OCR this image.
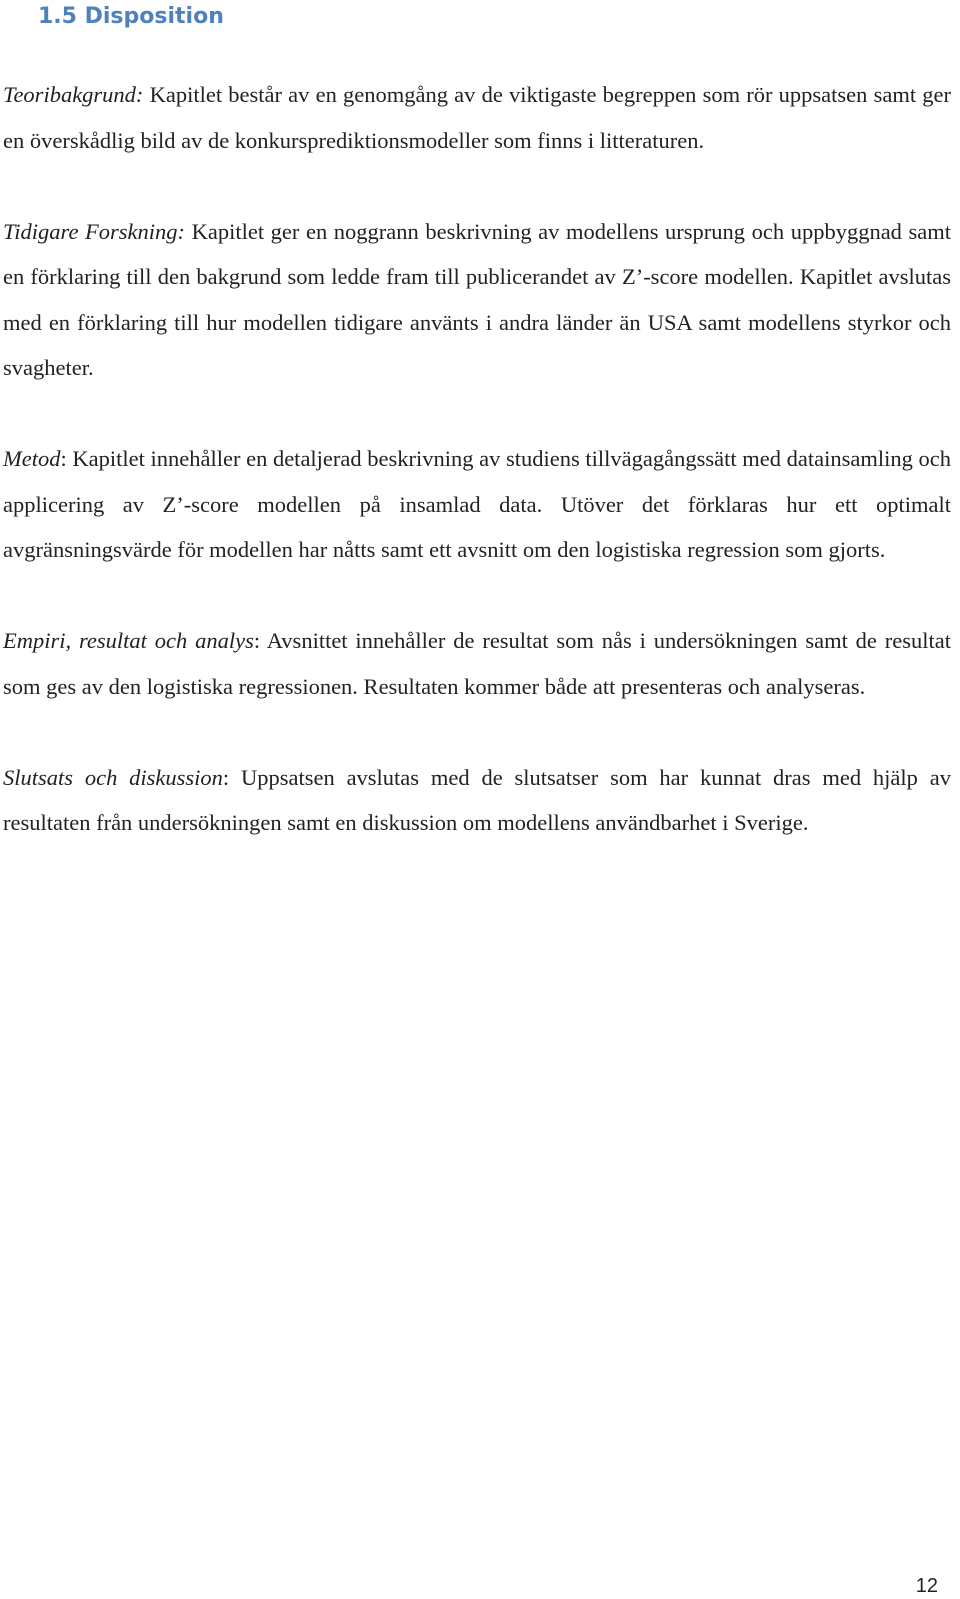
1.5 Disposition

Teoribakgrund: Kapitlet består av en genomgång av de viktigaste begreppen som rör uppsatsen samt ger en överskådlig bild av de konkursprediktionsmodeller som finns i litteraturen.

Tidigare Forskning: Kapitlet ger en noggrann beskrivning av modellens ursprung och uppbyggnad samt en förklaring till den bakgrund som ledde fram till publicerandet av Z’-score modellen. Kapitlet avslutas med en förklaring till hur modellen tidigare använts i andra länder än USA samt modellens styrkor och svagheter.

Metod: Kapitlet innehåller en detaljerad beskrivning av studiens tillvägagångssätt med datainsamling och applicering av Z’-score modellen på insamlad data. Utöver det förklaras hur ett optimalt avgränsningsvärde för modellen har nåtts samt ett avsnitt om den logistiska regression som gjorts.

Empiri, resultat och analys: Avsnittet innehåller de resultat som nås i undersökningen samt de resultat som ges av den logistiska regressionen. Resultaten kommer både att presenteras och analyseras.

Slutsats och diskussion: Uppsatsen avslutas med de slutsatser som har kunnat dras med hjälp av resultaten från undersökningen samt en diskussion om modellens användbarhet i Sverige.

12
